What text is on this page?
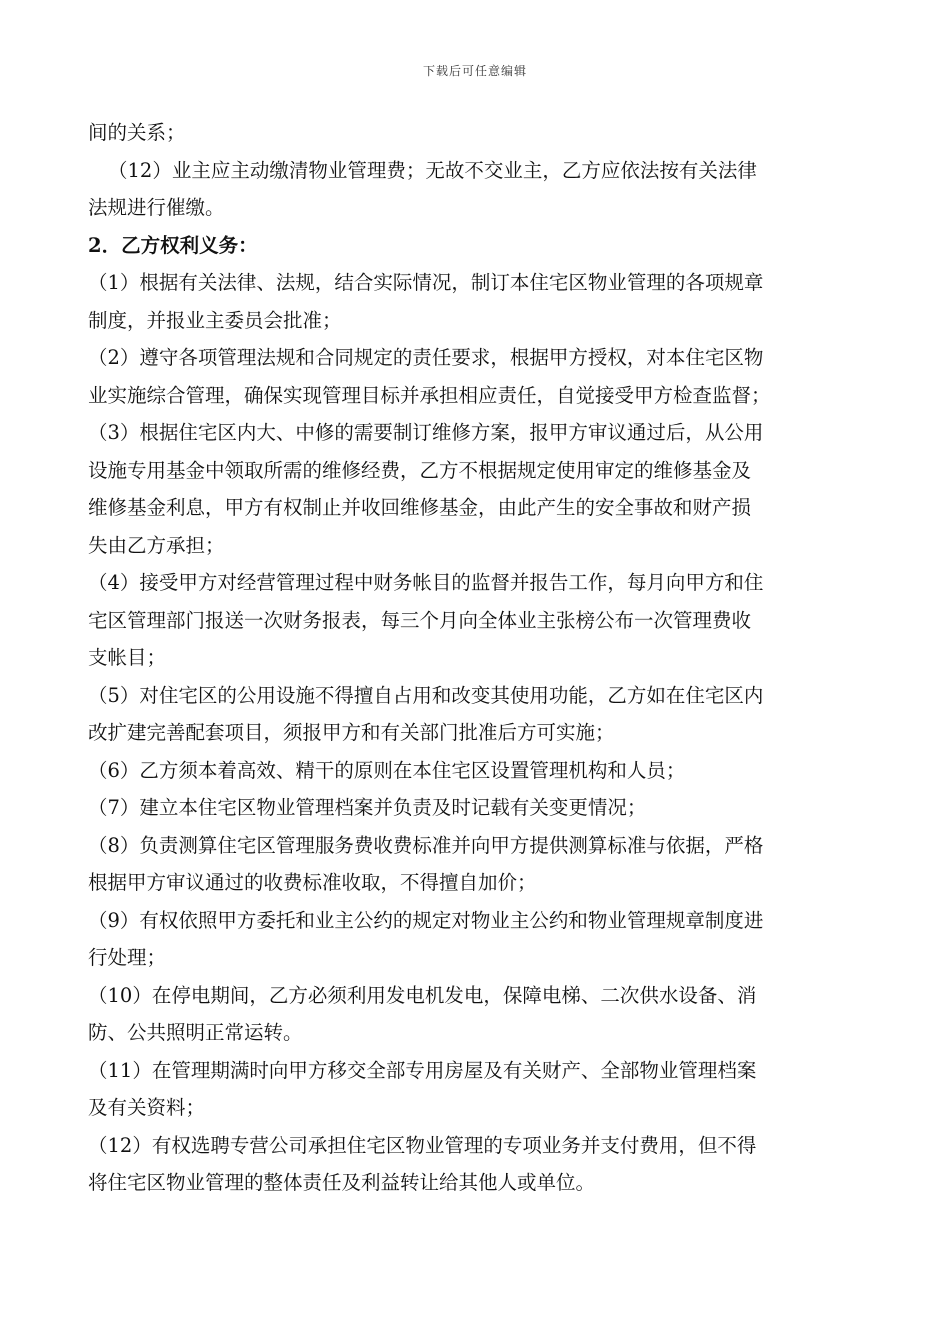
下载后可任意编辑
间的关系；
（12）业主应主动缴清物业管理费；无故不交业主，乙方应依法按有关法律
法规进行催缴。
2．乙方权利义务：
（1）根据有关法律、法规，结合实际情况，制订本住宅区物业管理的各项规章
制度，并报业主委员会批准；
（2）遵守各项管理法规和合同规定的责任要求，根据甲方授权，对本住宅区物
业实施综合管理，确保实现管理目标并承担相应责任，自觉接受甲方检查监督；
（3）根据住宅区内大、中修的需要制订维修方案，报甲方审议通过后，从公用
设施专用基金中领取所需的维修经费，乙方不根据规定使用审定的维修基金及
维修基金利息，甲方有权制止并收回维修基金，由此产生的安全事故和财产损
失由乙方承担；
（4）接受甲方对经营管理过程中财务帐目的监督并报告工作，每月向甲方和住
宅区管理部门报送一次财务报表，每三个月向全体业主张榜公布一次管理费收
支帐目；
（5）对住宅区的公用设施不得擅自占用和改变其使用功能，乙方如在住宅区内
改扩建完善配套项目，须报甲方和有关部门批准后方可实施；
（6）乙方须本着高效、精干的原则在本住宅区设置管理机构和人员；
（7）建立本住宅区物业管理档案并负责及时记载有关变更情况；
（8）负责测算住宅区管理服务费收费标准并向甲方提供测算标准与依据，严格
根据甲方审议通过的收费标准收取，不得擅自加价；
（9）有权依照甲方委托和业主公约的规定对物业主公约和物业管理规章制度进
行处理；
（10）在停电期间，乙方必须利用发电机发电，保障电梯、二次供水设备、消
防、公共照明正常运转。
（11）在管理期满时向甲方移交全部专用房屋及有关财产、全部物业管理档案
及有关资料；
（12）有权选聘专营公司承担住宅区物业管理的专项业务并支付费用，但不得
将住宅区物业管理的整体责任及利益转让给其他人或单位。
